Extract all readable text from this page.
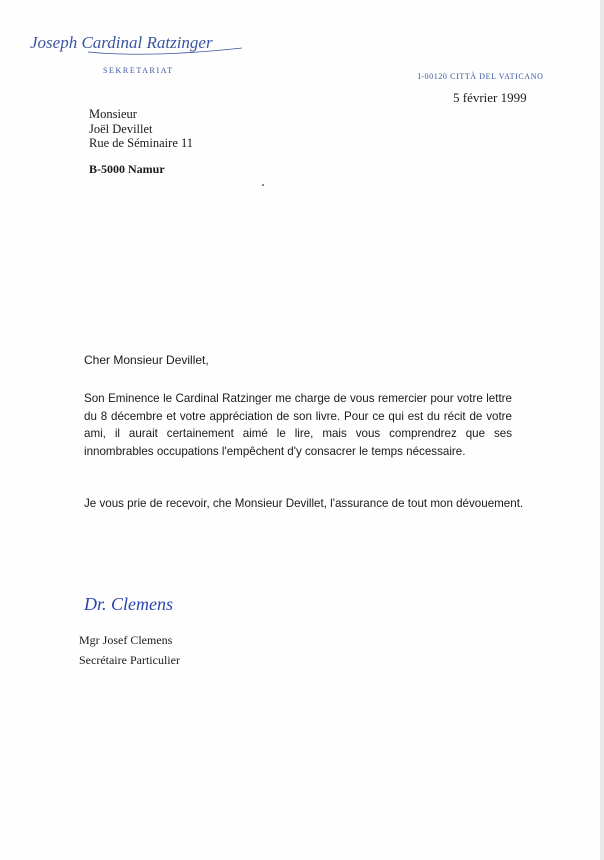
Joseph Cardinal Ratzinger
SEKRETARIAT
I-00120 CITTÀ DEL VATICANO
5 février 1999
Monsieur
Joël Devillet
Rue de Séminaire 11
B-5000 Namur
Cher Monsieur Devillet,

Son Eminence le Cardinal Ratzinger me charge de vous remercier pour votre lettre du 8 décembre et votre appréciation de son livre. Pour ce qui est du récit de votre ami, il aurait certainement aimé le lire, mais vous comprendrez que ses innombrables occupations l'empêchent d'y consacrer le temps nécessaire.

Je vous prie de recevoir, che Monsieur Devillet, l'assurance de tout mon dévouement.
Dr. Clemens
Mgr Josef Clemens
Secrétaire Particulier
